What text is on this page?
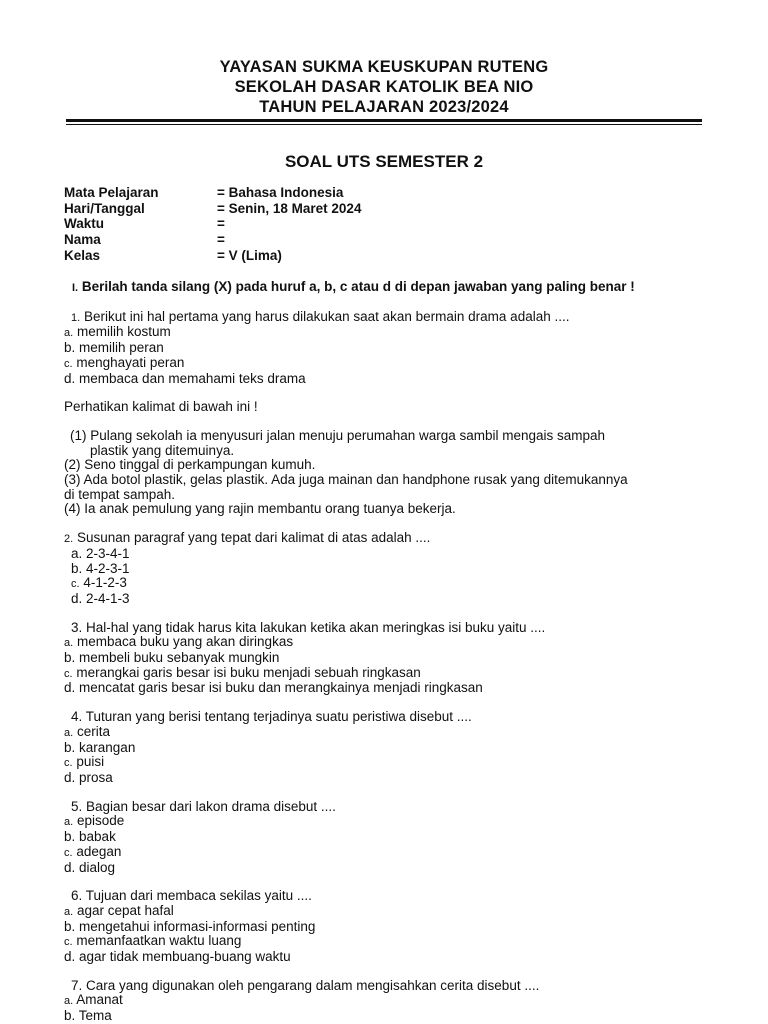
YAYASAN SUKMA KEUSKUPAN RUTENG
SEKOLAH DASAR KATOLIK BEA NIO
TAHUN PELAJARAN 2023/2024
SOAL UTS SEMESTER 2
Mata Pelajaran	= Bahasa Indonesia
Hari/Tanggal	= Senin, 18 Maret 2024
Waktu	=
Nama	=
Kelas	= V (Lima)
I. Berilah tanda silang (X) pada huruf a, b, c atau d di depan jawaban yang paling benar !
1. Berikut ini hal pertama yang harus dilakukan saat akan bermain drama adalah ....
a. memilih kostum
b. memilih peran
c. menghayati peran
d. membaca dan memahami teks drama
Perhatikan kalimat di bawah ini !
(1) Pulang sekolah ia menyusuri jalan menuju perumahan warga sambil mengais sampah
plastik yang ditemuinya.
(2) Seno tinggal di perkampungan kumuh.
(3) Ada botol plastik, gelas plastik. Ada juga mainan dan handphone rusak yang ditemukannya
di tempat sampah.
(4) Ia anak pemulung yang rajin membantu orang tuanya bekerja.
2. Susunan paragraf yang tepat dari kalimat di atas adalah ....
a. 2-3-4-1
b. 4-2-3-1
c. 4-1-2-3
d. 2-4-1-3
3. Hal-hal yang tidak harus kita lakukan ketika akan meringkas isi buku yaitu ....
a. membaca buku yang akan diringkas
b. membeli buku sebanyak mungkin
c. merangkai garis besar isi buku menjadi sebuah ringkasan
d. mencatat garis besar isi buku dan merangkainya menjadi ringkasan
4. Tuturan yang berisi tentang terjadinya suatu peristiwa disebut ....
a. cerita
b. karangan
c. puisi
d. prosa
5. Bagian besar dari lakon drama disebut ....
a. episode
b. babak
c. adegan
d. dialog
6. Tujuan dari membaca sekilas yaitu ....
a. agar cepat hafal
b. mengetahui informasi-informasi penting
c. memanfaatkan waktu luang
d. agar tidak membuang-buang waktu
7. Cara yang digunakan oleh pengarang dalam mengisahkan cerita disebut ....
a. Amanat
b. Tema
